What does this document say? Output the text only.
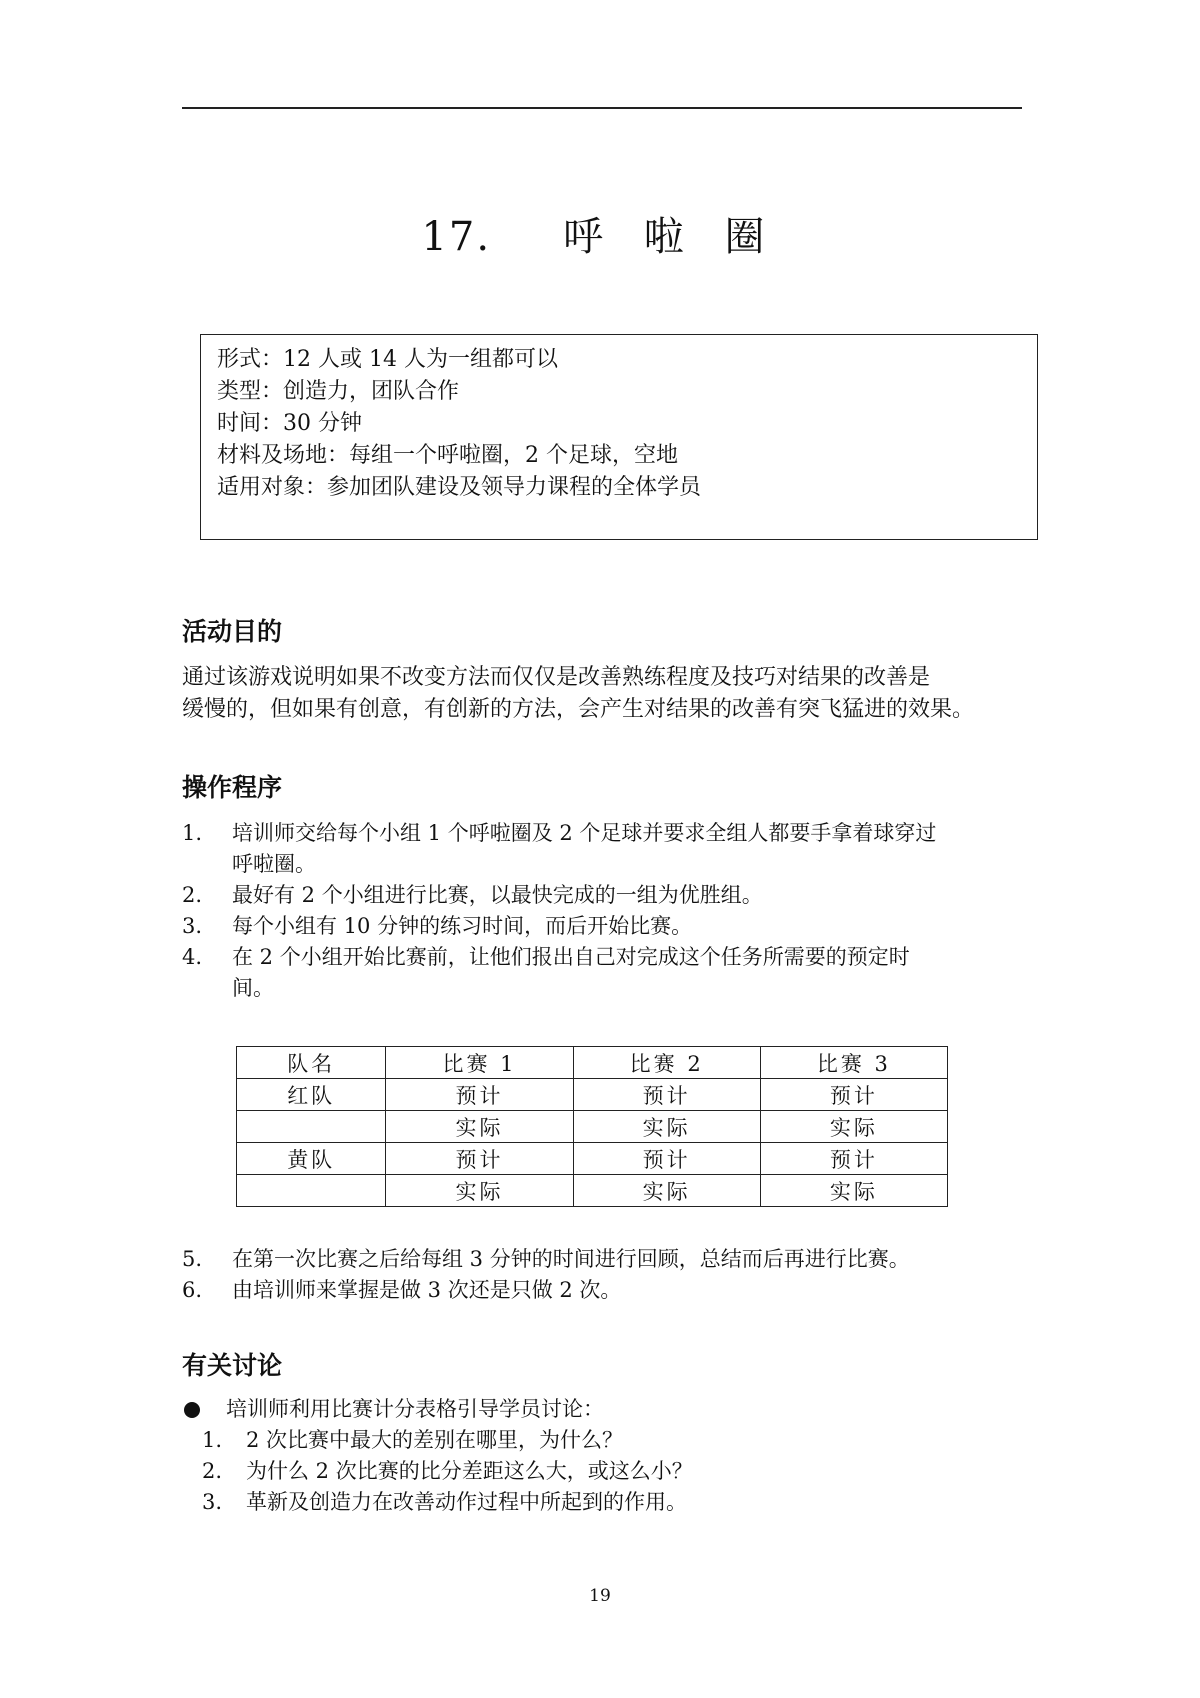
17. 呼 啦 圈
形式：12 人或 14 人为一组都可以
类型：创造力，团队合作
时间：30 分钟
材料及场地：每组一个呼啦圈，2 个足球，空地
适用对象：参加团队建设及领导力课程的全体学员
活动目的
通过该游戏说明如果不改变方法而仅仅是改善熟练程度及技巧对结果的改善是
缓慢的，但如果有创意，有创新的方法，会产生对结果的改善有突飞猛进的效果。
操作程序
1.	培训师交给每个小组 1 个呼啦圈及 2 个足球并要求全组人都要手拿着球穿过
呼啦圈。
2.	最好有 2 个小组进行比赛，以最快完成的一组为优胜组。
3.	每个小组有 10 分钟的练习时间，而后开始比赛。
4.	在 2 个小组开始比赛前，让他们报出自己对完成这个任务所需要的预定时
间。
队名	比赛 1	比赛 2	比赛 3
红队	预计	预计	预计
	实际	实际	实际
黄队	预计	预计	预计
	实际	实际	实际
5.	在第一次比赛之后给每组 3 分钟的时间进行回顾，总结而后再进行比赛。
6.	由培训师来掌握是做 3 次还是只做 2 次。
有关讨论
培训师利用比赛计分表格引导学员讨论：
1.	2 次比赛中最大的差别在哪里，为什么？
2.	为什么 2 次比赛的比分差距这么大，或这么小？
3.	革新及创造力在改善动作过程中所起到的作用。
19
